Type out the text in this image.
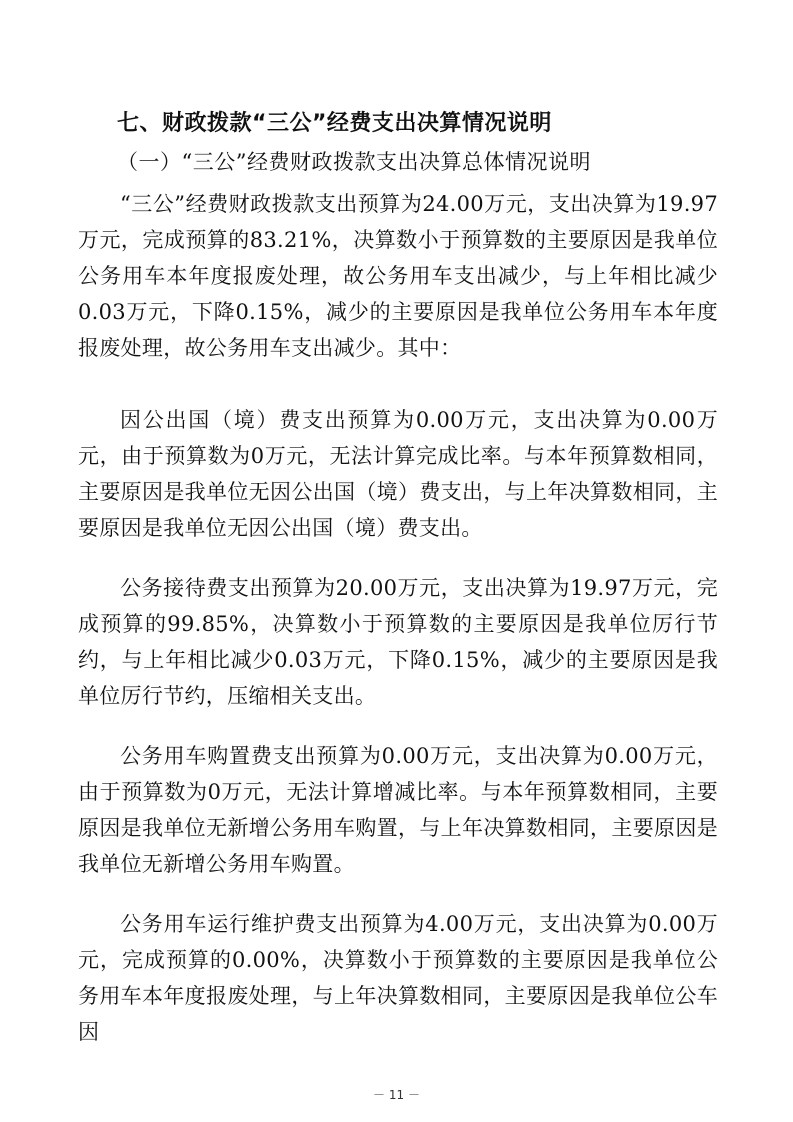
七、财政拨款“三公”经费支出决算情况说明
（一）“三公”经费财政拨款支出决算总体情况说明

“三公”经费财政拨款支出预算为24.00万元，支出决算为19.97万元，完成预算的83.21%，决算数小于预算数的主要原因是我单位公务用车本年度报废处理，故公务用车支出减少，与上年相比减少0.03万元，下降0.15%，减少的主要原因是我单位公务用车本年度报废处理，故公务用车支出减少。其中：

因公出国（境）费支出预算为0.00万元，支出决算为0.00万元，由于预算数为0万元，无法计算完成比率。与本年预算数相同，主要原因是我单位无因公出国（境）费支出，与上年决算数相同，主要原因是我单位无因公出国（境）费支出。

公务接待费支出预算为20.00万元，支出决算为19.97万元，完成预算的99.85%，决算数小于预算数的主要原因是我单位厉行节约，与上年相比减少0.03万元，下降0.15%，减少的主要原因是我单位厉行节约，压缩相关支出。

公务用车购置费支出预算为0.00万元，支出决算为0.00万元，由于预算数为0万元，无法计算增减比率。与本年预算数相同，主要原因是我单位无新增公务用车购置，与上年决算数相同，主要原因是我单位无新增公务用车购置。

公务用车运行维护费支出预算为4.00万元，支出决算为0.00万元，完成预算的0.00%，决算数小于预算数的主要原因是我单位公务用车本年度报废处理，与上年决算数相同，主要原因是我单位公车因

－ 11 －
